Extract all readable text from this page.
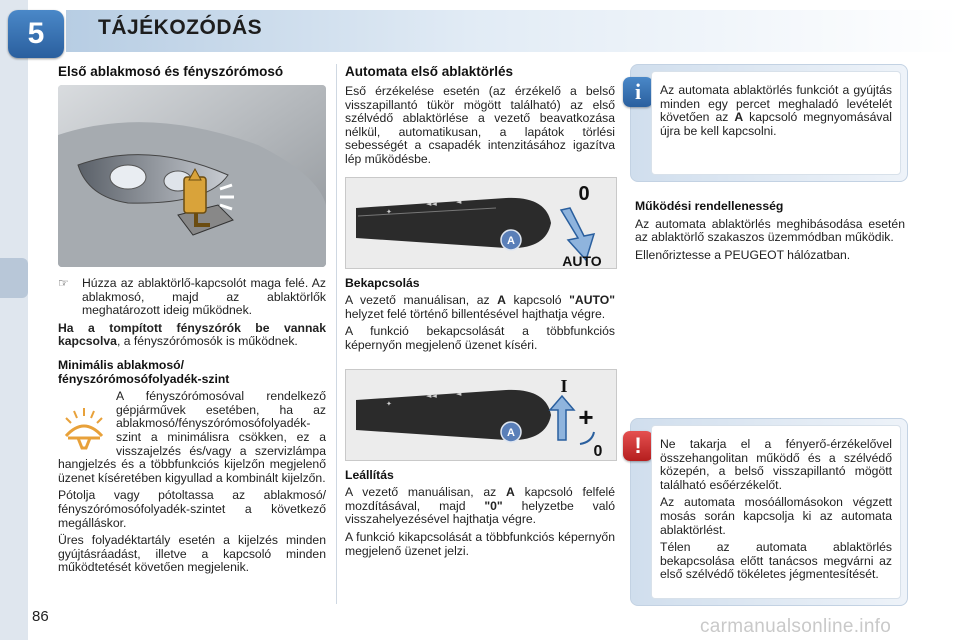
5	TÁJÉKOZÓDÁS
Első ablakmosó és fényszórómosó
☞ Húzza az ablaktörlő-kapcsolót maga felé. Az ablakmosó, majd az ablaktörlők meghatározott ideig működnek.

Ha a tompított fényszórók be vannak kapcsolva, a fényszórómosók is működnek.

Minimális ablakmosó/ fényszórómosófolyadék-szint
A fényszórómosóval rendelkező gépjárművek esetében, ha az ablakmosó/fényszórómosófolyadék-szint a minimálisra csökken, ez a visszajelzés és/vagy a szervizlámpa hangjelzés és a többfunkciós kijelzőn megjelenő üzenet kíséretében kigyullad a kombinált kijelzőn.

Pótolja vagy pótoltassa az ablakmosó/ fényszórómosófolyadék-szintet a következő megálláskor.

Üres folyadéktartály esetén a kijelzés minden gyújtásráadást, illetve a kapcsoló minden működtetését követően megjelenik.

Automata első ablaktörlés

Eső érzékelése esetén (az érzékelő a belső visszapillantó tükör mögött található) az első szélvédő ablaktörlése a vezető beavatkozása nélkül, automatikusan, a lapátok törlési sebességét a csapadék intenzitásához igazítva lép működésbe.

◄◄	◄
✦
A
0
AUTO
Bekapcsolás

A vezető manuálisan, az A kapcsoló "AUTO" helyzet felé történő billentésével hajthatja végre.

A funkció bekapcsolását a többfunkciós képernyőn megjelenő üzenet kíséri.

◄◄	◄
✦
A
I
+
0
Leállítás

A vezető manuálisan, az A kapcsoló felfelé mozdításával, majd "0" helyzetbe való visszahelyezésével hajthatja végre.

A funkció kikapcsolását a többfunkciós képernyőn megjelenő üzenet jelzi.

i	Az automata ablaktörlés funkciót a gyújtás minden egy percet meghaladó levételét követően az A kapcsoló megnyomásával újra be kell kapcsolni.

Működési rendellenesség

Az automata ablaktörlés meghibásodása esetén az ablaktörlő szakaszos üzemmódban működik.

Ellenőriztesse a PEUGEOT hálózatban.

!	Ne takarja el a fényerő-érzékelővel összehangolitan működő és a szélvédő közepén, a belső visszapillantó mögött található esőérzékelőt.

Az automata mosóállomásokon végzett mosás során kapcsolja ki az automata ablaktörlést.

Télen az automata ablaktörlés bekapcsolása előtt tanácsos megvárni az első szélvédő tökéletes jégmentesítését.

86	carmanualsonline.info
